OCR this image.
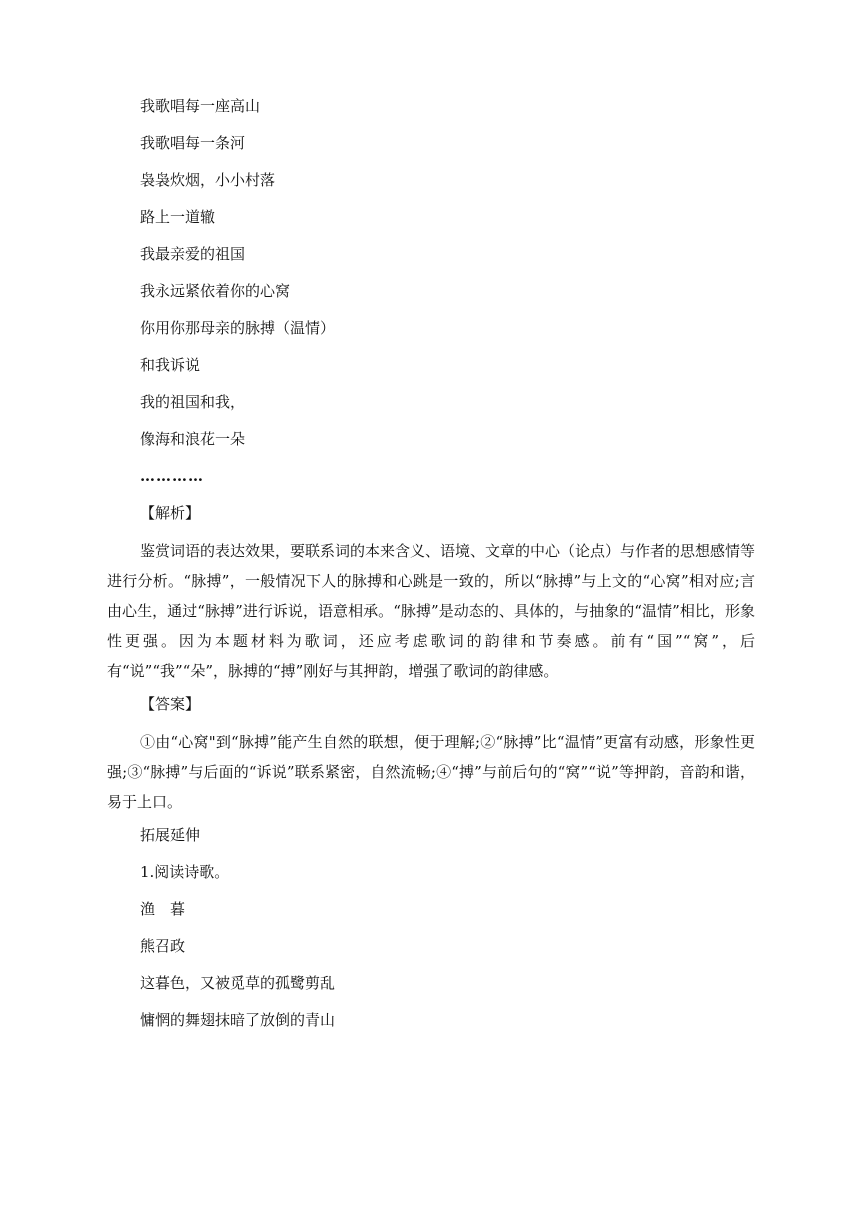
我歌唱每一座高山
我歌唱每一条河
袅袅炊烟，小小村落
路上一道辙
我最亲爱的祖国
我永远紧依着你的心窝
你用你那母亲的脉搏（温情）
和我诉说
我的祖国和我，
像海和浪花一朵
…………
【解析】

鉴赏词语的表达效果，要联系词的本来含义、语境、文章的中心（论点）与作者的思想感情等进行分析。“脉搏”，一般情况下人的脉搏和心跳是一致的，所以“脉搏”与上文的“心窝”相对应;言由心生，通过“脉搏”进行诉说，语意相承。“脉搏”是动态的、具体的，与抽象的“温情”相比，形象性更强。因为本题材料为歌词，还应考虑歌词的韵律和节奏感。前有“国”“窝”，后有“说”“我”“朵”，脉搏的“搏”刚好与其押韵，增强了歌词的韵律感。

【答案】

①由“心窝"到“脉搏”能产生自然的联想，便于理解;②“脉搏”比“温情”更富有动感，形象性更强;③“脉搏”与后面的“诉说”联系紧密，自然流畅;④“搏”与前后句的“窝”“说”等押韵，音韵和谐，易于上口。

拓展延伸
1.阅读诗歌。
渔　暮
熊召政
这暮色，又被觅草的孤鹭剪乱
慵惘的舞翅抹暗了放倒的青山
